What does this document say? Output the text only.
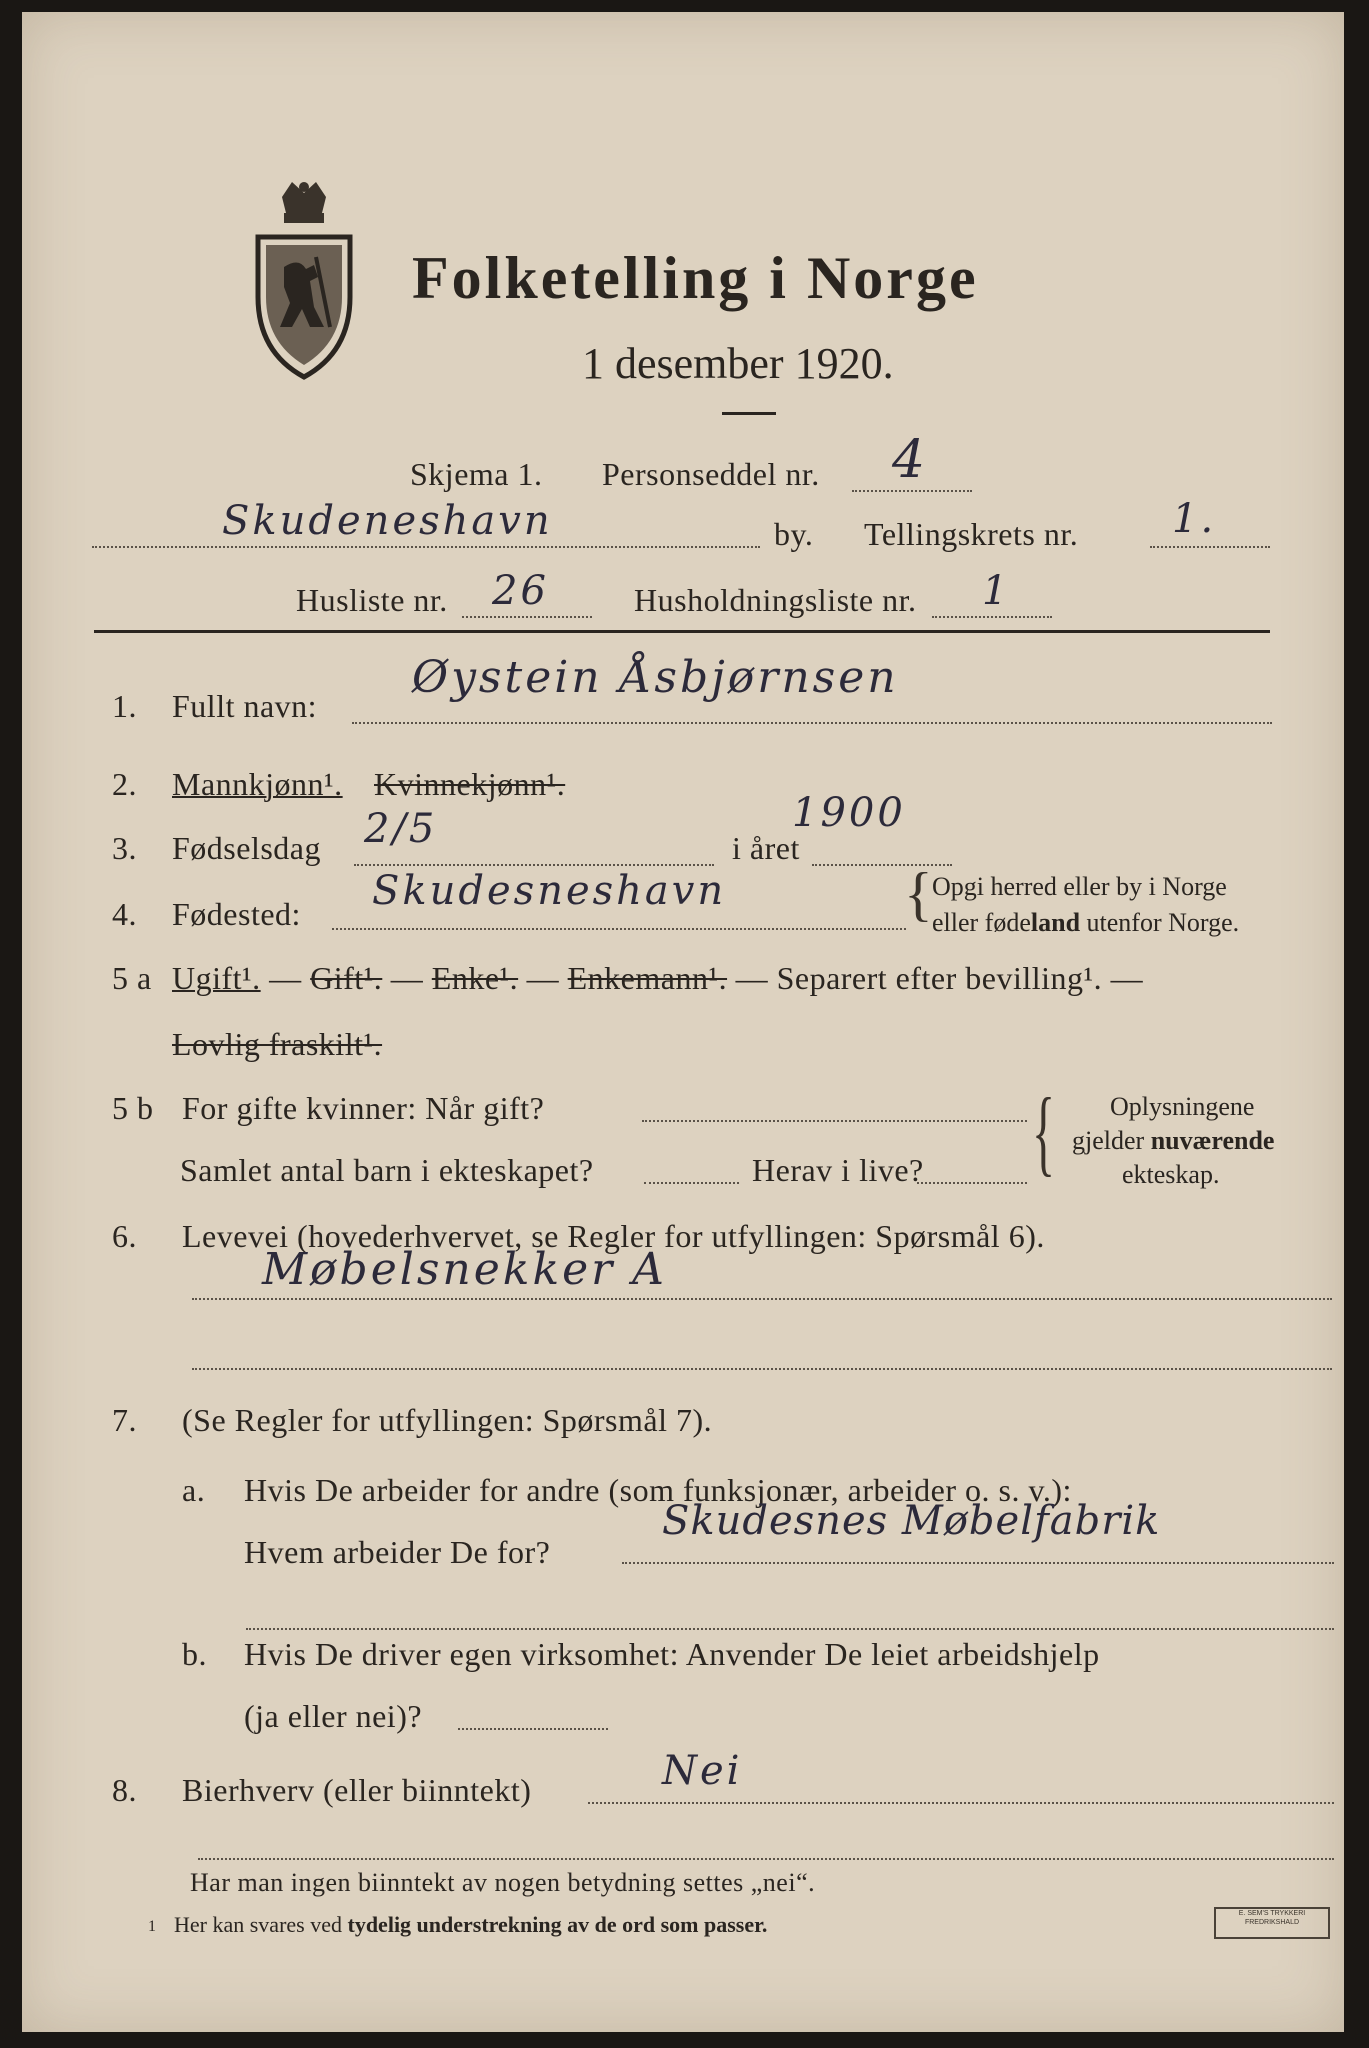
Folketelling i Norge
1 desember 1920.
Skjema 1. Personseddel nr. 4
Skudeneshavn	by. Tellingskrets nr. 1.
Husliste nr. 26	Husholdningsliste nr. 1
1. Fullt navn:
Øystein Åsbjørnsen
2. Mannkjønn¹. Kvinnekjønn¹.
3. Fødselsdag 2/5	i året
1900
4. Fødested: Skudesneshavn	{ Opgi herred eller by i Norge
eller fødeland utenfor Norge.
5 a Ugift¹. — Gift¹. — Enke¹. — Enkemann¹. — Separert efter bevilling¹. —
Lovlig fraskilt¹.
5 b For gifte kvinner: Når gift?
Samlet antal barn i ekteskapet?	Herav i live? { Oplysningene
gjelder nuværende
ekteskap.
6. Levevei (hovederhvervet, se Regler for utfyllingen: Spørsmål 6).
Møbelsnekker A
7. (Se Regler for utfyllingen: Spørsmål 7).
a. Hvis De arbeider for andre (som funksjonær, arbeider o. s. v.):
Hvem arbeider De for?
Skudesnes Møbelfabrik
b. Hvis De driver egen virksomhet: Anvender De leiet arbeidshjelp
(ja eller nei)?
8. Bierhverv (eller biinntekt)	Nei
Har man ingen biinntekt av nogen betydning settes „nei“.
1 Her kan svares ved tydelig understrekning av de ord som passer.	E. SEM'S TRYKKERI FREDRIKSHALD
